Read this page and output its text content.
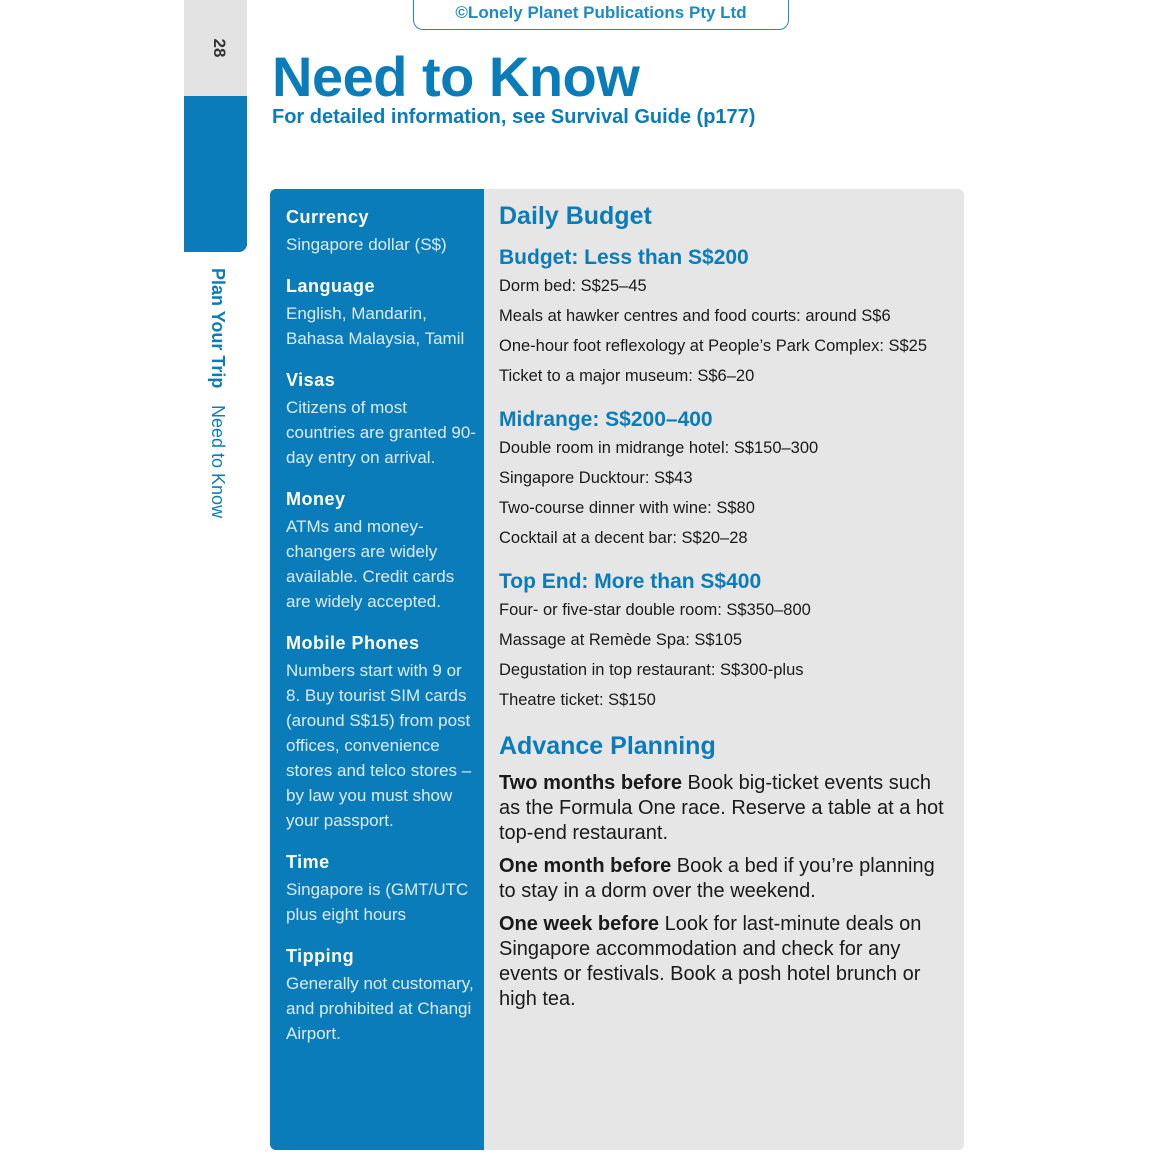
©Lonely Planet Publications Pty Ltd
28
Plan Your Trip Need to Know
Need to Know
For detailed information, see Survival Guide (p177)
Currency
Singapore dollar (S$)
Language
English, Mandarin, Bahasa Malaysia, Tamil
Visas
Citizens of most countries are granted 90-day entry on arrival.
Money
ATMs and money-changers are widely available. Credit cards are widely accepted.
Mobile Phones
Numbers start with 9 or 8. Buy tourist SIM cards (around S$15) from post offices, convenience stores and telco stores – by law you must show your passport.
Time
Singapore is (GMT/UTC plus eight hours
Tipping
Generally not customary, and prohibited at Changi Airport.
Daily Budget
Budget: Less than S$200
Dorm bed: S$25–45
Meals at hawker centres and food courts: around S$6
One-hour foot reflexology at People’s Park Complex: S$25
Ticket to a major museum: S$6–20
Midrange: S$200–400
Double room in midrange hotel: S$150–300
Singapore Ducktour: S$43
Two-course dinner with wine: S$80
Cocktail at a decent bar: S$20–28
Top End: More than S$400
Four- or five-star double room: S$350–800
Massage at Remède Spa: S$105
Degustation in top restaurant: S$300-plus
Theatre ticket: S$150
Advance Planning
Two months before Book big-ticket events such as the Formula One race. Reserve a table at a hot top-end restaurant.
One month before Book a bed if you’re planning to stay in a dorm over the weekend.
One week before Look for last-minute deals on Singapore accommodation and check for any events or festivals. Book a posh hotel brunch or high tea.
